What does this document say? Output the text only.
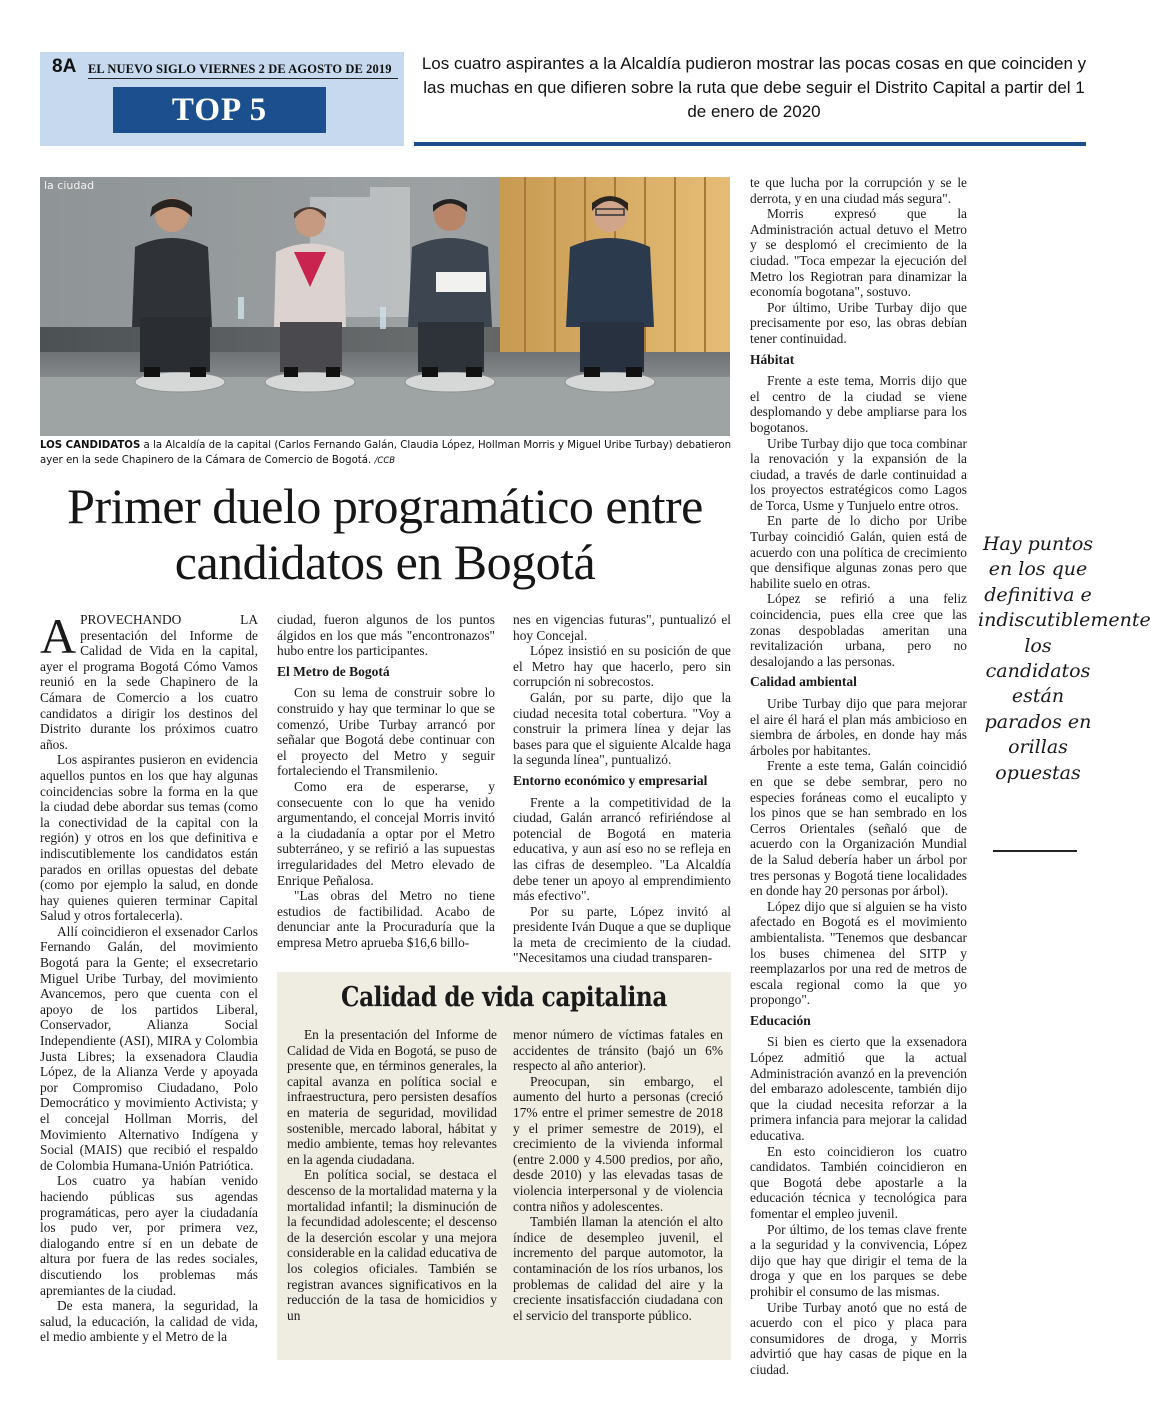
8A EL NUEVO SIGLO VIERNES 2 DE AGOSTO DE 2019
TOP 5
Los cuatro aspirantes a la Alcaldía pudieron mostrar las pocas cosas en que coinciden y las muchas en que difieren sobre la ruta que debe seguir el Distrito Capital a partir del 1 de enero de 2020
la ciudad
LOS CANDIDATOS a la Alcaldía de la capital (Carlos Fernando Galán, Claudia López, Hollman Morris y Miguel Uribe Turbay) debatieron ayer en la sede Chapinero de la Cámara de Comercio de Bogotá. /CCB
Primer duelo programático entre candidatos en Bogotá

APROVECHANDO LA presentación del Informe de Calidad de Vida en la capital, ayer el programa Bogotá Cómo Vamos reunió en la sede Chapinero de la Cámara de Comercio a los cuatro candidatos a dirigir los destinos del Distrito durante los próximos cuatro años.

Los aspirantes pusieron en evidencia aquellos puntos en los que hay algunas coincidencias sobre la forma en la que la ciudad debe abordar sus temas (como la conectividad de la capital con la región) y otros en los que definitiva e indiscutiblemente los candidatos están parados en orillas opuestas del debate (como por ejemplo la salud, en donde hay quienes quieren terminar Capital Salud y otros fortalecerla).

Allí coincidieron el exsenador Carlos Fernando Galán, del movimiento Bogotá para la Gente; el exsecretario Miguel Uribe Turbay, del movimiento Avancemos, pero que cuenta con el apoyo de los partidos Liberal, Conservador, Alianza Social Independiente (ASI), MIRA y Colombia Justa Libres; la exsenadora Claudia López, de la Alianza Verde y apoyada por Compromiso Ciudadano, Polo Democrático y movimiento Activista; y el concejal Hollman Morris, del Movimiento Alternativo Indígena y Social (MAIS) que recibió el respaldo de Colombia Humana-Unión Patriótica.

Los cuatro ya habían venido haciendo públicas sus agendas programáticas, pero ayer la ciudadanía los pudo ver, por primera vez, dialogando entre sí en un debate de altura por fuera de las redes sociales, discutiendo los problemas más apremiantes de la ciudad.

De esta manera, la seguridad, la salud, la educación, la calidad de vida, el medio ambiente y el Metro de la

ciudad, fueron algunos de los puntos álgidos en los que más "encontronazos" hubo entre los participantes.

El Metro de Bogotá

Con su lema de construir sobre lo construido y hay que terminar lo que se comenzó, Uribe Turbay arrancó por señalar que Bogotá debe continuar con el proyecto del Metro y seguir fortaleciendo el Transmilenio.

Como era de esperarse, y consecuente con lo que ha venido argumentando, el concejal Morris invitó a la ciudadanía a optar por el Metro subterráneo, y se refirió a las supuestas irregularidades del Metro elevado de Enrique Peñalosa.

"Las obras del Metro no tiene estudios de factibilidad. Acabo de denunciar ante la Procuraduría que la empresa Metro aprueba $16,6 billo-

nes en vigencias futuras", puntualizó el hoy Concejal.

López insistió en su posición de que el Metro hay que hacerlo, pero sin corrupción ni sobrecostos.

Galán, por su parte, dijo que la ciudad necesita total cobertura. "Voy a construir la primera línea y dejar las bases para que el siguiente Alcalde haga la segunda línea", puntualizó.

Entorno económico y empresarial

Frente a la competitividad de la ciudad, Galán arrancó refiriéndose al potencial de Bogotá en materia educativa, y aun así eso no se refleja en las cifras de desempleo. "La Alcaldía debe tener un apoyo al emprendimiento más efectivo".

Por su parte, López invitó al presidente Iván Duque a que se duplique la meta de crecimiento de la ciudad. "Necesitamos una ciudad transparen-

te que lucha por la corrupción y se le derrota, y en una ciudad más segura".

Morris expresó que la Administración actual detuvo el Metro y se desplomó el crecimiento de la ciudad. "Toca empezar la ejecución del Metro los Regiotran para dinamizar la economía bogotana", sostuvo.

Por último, Uribe Turbay dijo que precisamente por eso, las obras debían tener continuidad.

Hábitat

Frente a este tema, Morris dijo que el centro de la ciudad se viene desplomando y debe ampliarse para los bogotanos.

Uribe Turbay dijo que toca combinar la renovación y la expansión de la ciudad, a través de darle continuidad a los proyectos estratégicos como Lagos de Torca, Usme y Tunjuelo entre otros.

En parte de lo dicho por Uribe Turbay coincidió Galán, quien está de acuerdo con una política de crecimiento que densifique algunas zonas pero que habilite suelo en otras.

López se refirió a una feliz coincidencia, pues ella cree que las zonas despobladas ameritan una revitalización urbana, pero no desalojando a las personas.

Calidad ambiental

Uribe Turbay dijo que para mejorar el aire él hará el plan más ambicioso en siembra de árboles, en donde hay más árboles por habitantes.

Frente a este tema, Galán coincidió en que se debe sembrar, pero no especies foráneas como el eucalipto y los pinos que se han sembrado en los Cerros Orientales (señaló que de acuerdo con la Organización Mundial de la Salud debería haber un árbol por tres personas y Bogotá tiene localidades en donde hay 20 personas por árbol).

López dijo que si alguien se ha visto afectado en Bogotá es el movimiento ambientalista. "Tenemos que desbancar los buses chimenea del SITP y reemplazarlos por una red de metros de escala regional como la que yo propongo".

Educación

Si bien es cierto que la exsenadora López admitió que la actual Administración avanzó en la prevención del embarazo adolescente, también dijo que la ciudad necesita reforzar a la primera infancia para mejorar la calidad educativa.

En esto coincidieron los cuatro candidatos. También coincidieron en que Bogotá debe apostarle a la educación técnica y tecnológica para fomentar el empleo juvenil.

Por último, de los temas clave frente a la seguridad y la convivencia, López dijo que hay que dirigir el tema de la droga y que en los parques se debe prohibir el consumo de las mismas.

Uribe Turbay anotó que no está de acuerdo con el pico y placa para consumidores de droga, y Morris advirtió que hay casas de pique en la ciudad.

Calidad de vida capitalina

En la presentación del Informe de Calidad de Vida en Bogotá, se puso de presente que, en términos generales, la capital avanza en política social e infraestructura, pero persisten desafíos en materia de seguridad, movilidad sostenible, mercado laboral, hábitat y medio ambiente, temas hoy relevantes en la agenda ciudadana.

En política social, se destaca el descenso de la mortalidad materna y la mortalidad infantil; la disminución de la fecundidad adolescente; el descenso de la deserción escolar y una mejora considerable en la calidad educativa de los colegios oficiales. También se registran avances significativos en la reducción de la tasa de homicidios y un

menor número de víctimas fatales en accidentes de tránsito (bajó un 6% respecto al año anterior).

Preocupan, sin embargo, el aumento del hurto a personas (creció 17% entre el primer semestre de 2018 y el primer semestre de 2019), el crecimiento de la vivienda informal (entre 2.000 y 4.500 predios, por año, desde 2010) y las elevadas tasas de violencia interpersonal y de violencia contra niños y adolescentes.

También llaman la atención el alto índice de desempleo juvenil, el incremento del parque automotor, la contaminación de los ríos urbanos, los problemas de calidad del aire y la creciente insatisfacción ciudadana con el servicio del transporte público.

Hay puntos en los que definitiva e indiscutiblemente los candidatos están parados en orillas opuestas
